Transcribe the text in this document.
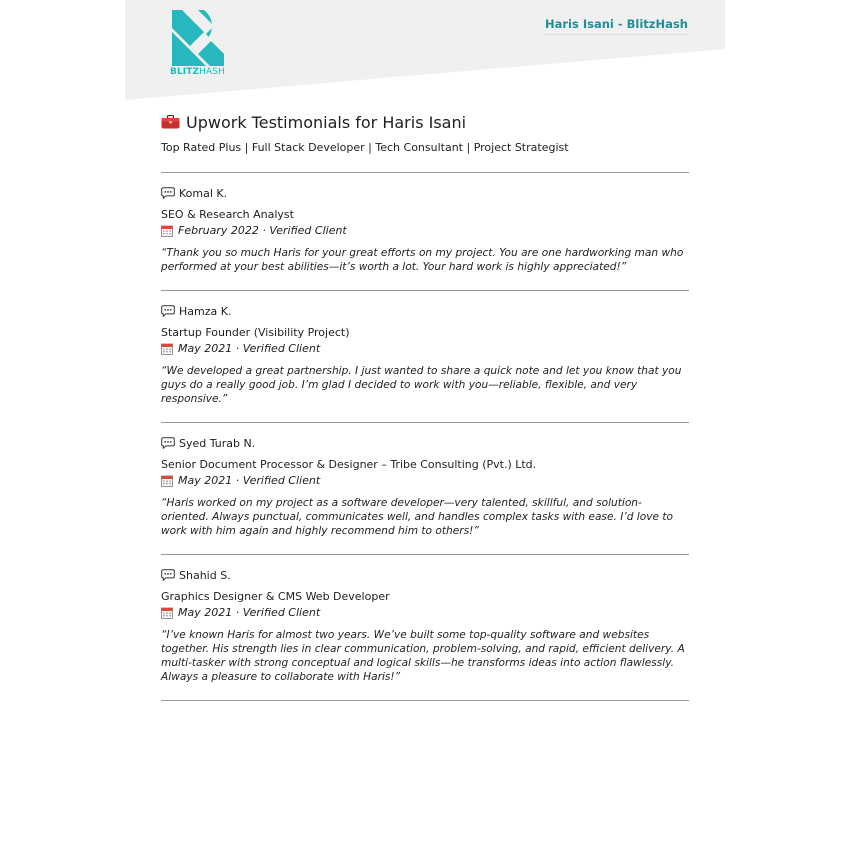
BLITZHASH
Haris Isani - BlitzHash
Upwork Testimonials for Haris Isani
Top Rated Plus | Full Stack Developer | Tech Consultant | Project Strategist
Komal K.
SEO & Research Analyst
February 2022 · Verified Client
“Thank you so much Haris for your great efforts on my project. You are one hardworking man who performed at your best abilities—it’s worth a lot. Your hard work is highly appreciated!”
Hamza K.
Startup Founder (Visibility Project)
May 2021 · Verified Client
“We developed a great partnership. I just wanted to share a quick note and let you know that you guys do a really good job. I’m glad I decided to work with you—reliable, flexible, and very responsive.”
Syed Turab N.
Senior Document Processor & Designer – Tribe Consulting (Pvt.) Ltd.
May 2021 · Verified Client
“Haris worked on my project as a software developer—very talented, skillful, and solution-oriented. Always punctual, communicates well, and handles complex tasks with ease. I’d love to work with him again and highly recommend him to others!”
Shahid S.
Graphics Designer & CMS Web Developer
May 2021 · Verified Client
“I’ve known Haris for almost two years. We’ve built some top-quality software and websites together. His strength lies in clear communication, problem-solving, and rapid, efficient delivery. A multi-tasker with strong conceptual and logical skills—he transforms ideas into action flawlessly. Always a pleasure to collaborate with Haris!”
